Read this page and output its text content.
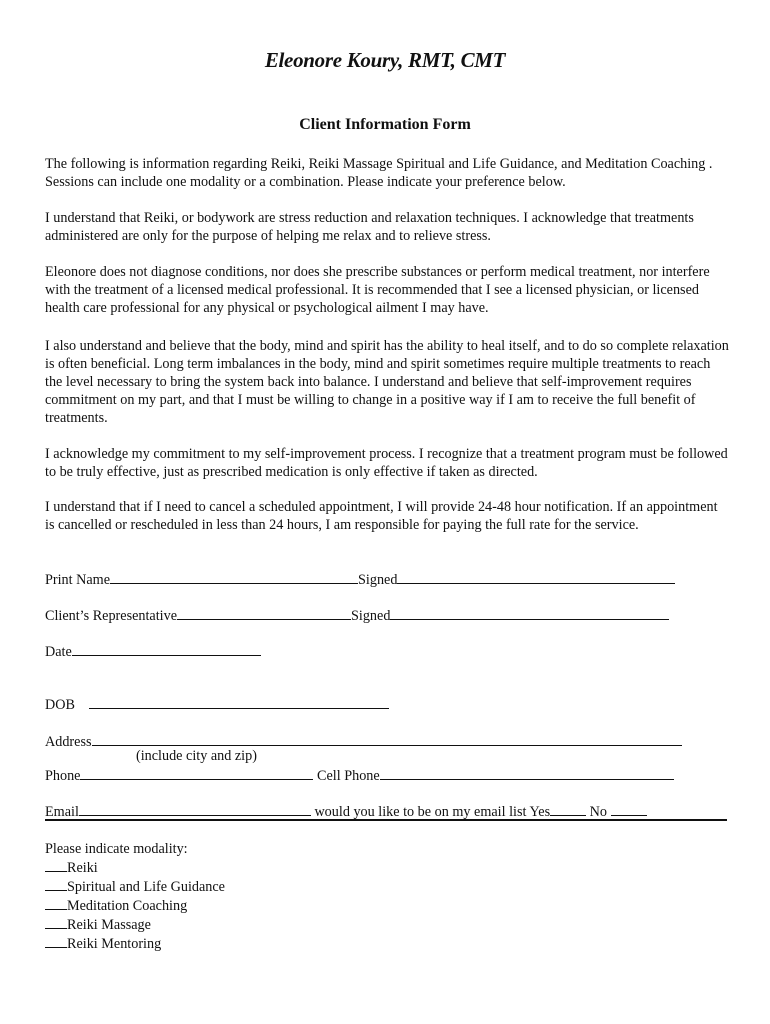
Eleonore Koury, RMT, CMT
Client Information Form
The following is information regarding Reiki, Reiki Massage Spiritual and Life Guidance, and Meditation Coaching . Sessions can include one modality or a combination. Please indicate your preference below.
I understand that Reiki, or bodywork are stress reduction and relaxation techniques. I acknowledge that treatments administered are only for the purpose of helping me relax and to relieve stress.
Eleonore does not diagnose conditions, nor does she prescribe substances or perform medical treatment, nor interfere with the treatment of a licensed medical professional. It is recommended that I see a licensed physician, or licensed health care professional for any physical or psychological ailment I may have.
I also understand and believe that the body, mind and spirit has the ability to heal itself, and to do so complete relaxation is often beneficial. Long term imbalances in the body, mind and spirit sometimes require multiple treatments to reach the level necessary to bring the system back into balance. I understand and believe that self-improvement requires commitment on my part, and that I must be willing to change in a positive way if I am to receive the full benefit of treatments.
I acknowledge my commitment to my self-improvement process. I recognize that a treatment program must be followed to be truly effective, just as prescribed medication is only effective if taken as directed.
I understand that if I need to cancel a scheduled appointment, I will provide 24-48 hour notification. If an appointment is cancelled or rescheduled in less than 24 hours, I am responsible for paying the full rate for the service.
Print Name	Signed
Client’s Representative	Signed
Date
DOB
Address
(include city and zip)
Phone	Cell Phone
Email	would you like to be on my email list Yes	No
Please indicate modality:
Reiki
Spiritual and Life Guidance
Meditation Coaching
Reiki Massage
Reiki Mentoring
